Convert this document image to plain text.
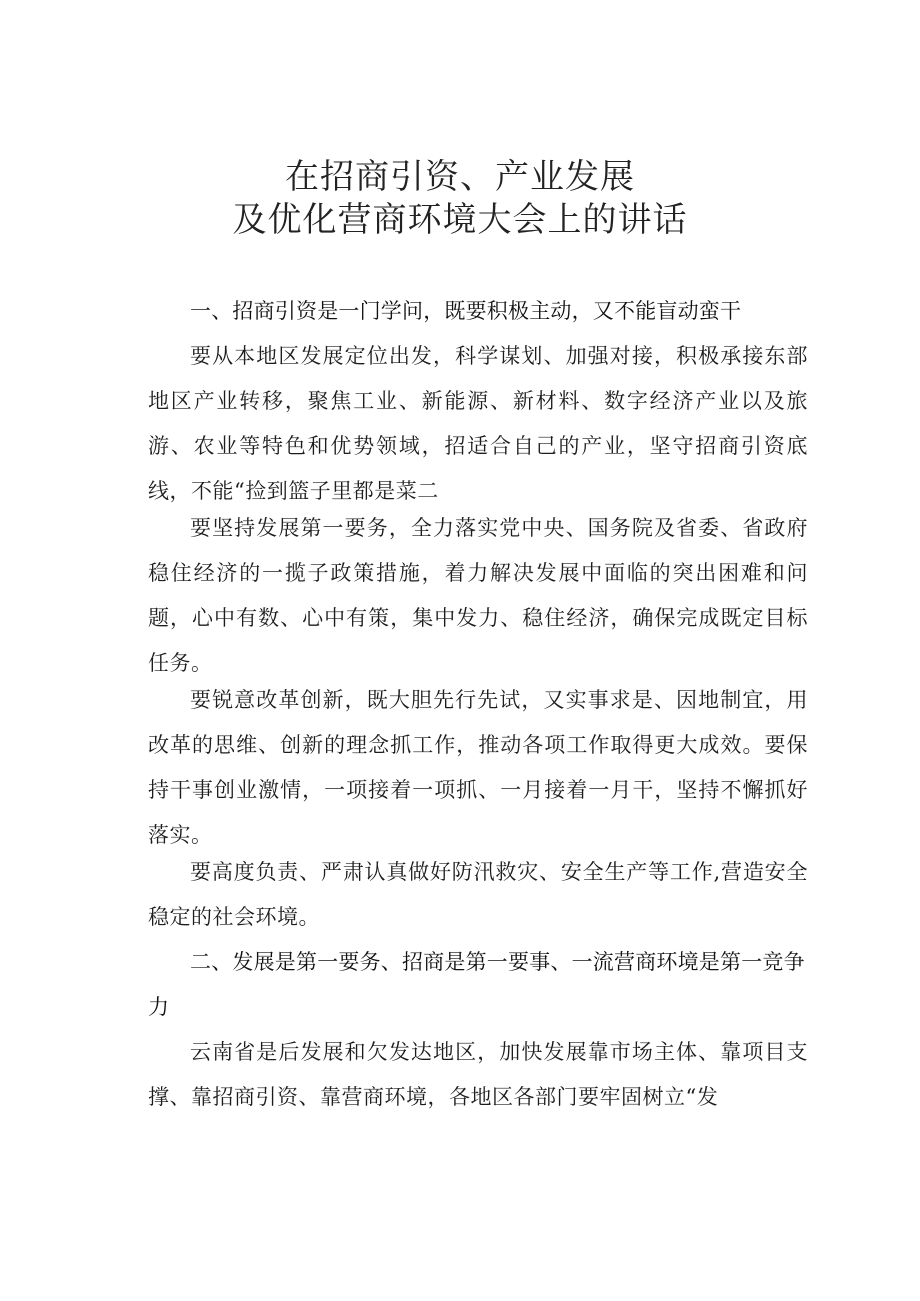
在招商引资、产业发展
及优化营商环境大会上的讲话
一、招商引资是一门学问，既要积极主动，又不能盲动蛮干
要从本地区发展定位出发，科学谋划、加强对接，积极承接东部地区产业转移，聚焦工业、新能源、新材料、数字经济产业以及旅游、农业等特色和优势领域，招适合自己的产业，坚守招商引资底线，不能“捡到篮子里都是菜二
要坚持发展第一要务，全力落实党中央、国务院及省委、省政府稳住经济的一揽子政策措施，着力解决发展中面临的突出困难和问题，心中有数、心中有策，集中发力、稳住经济，确保完成既定目标任务。
要锐意改革创新，既大胆先行先试，又实事求是、因地制宜，用改革的思维、创新的理念抓工作，推动各项工作取得更大成效。要保持干事创业激情，一项接着一项抓、一月接着一月干，坚持不懈抓好落实。
要高度负责、严肃认真做好防汛救灾、安全生产等工作,营造安全稳定的社会环境。
二、发展是第一要务、招商是第一要事、一流营商环境是第一竞争力
云南省是后发展和欠发达地区，加快发展靠市场主体、靠项目支撑、靠招商引资、靠营商环境，各地区各部门要牢固树立“发
